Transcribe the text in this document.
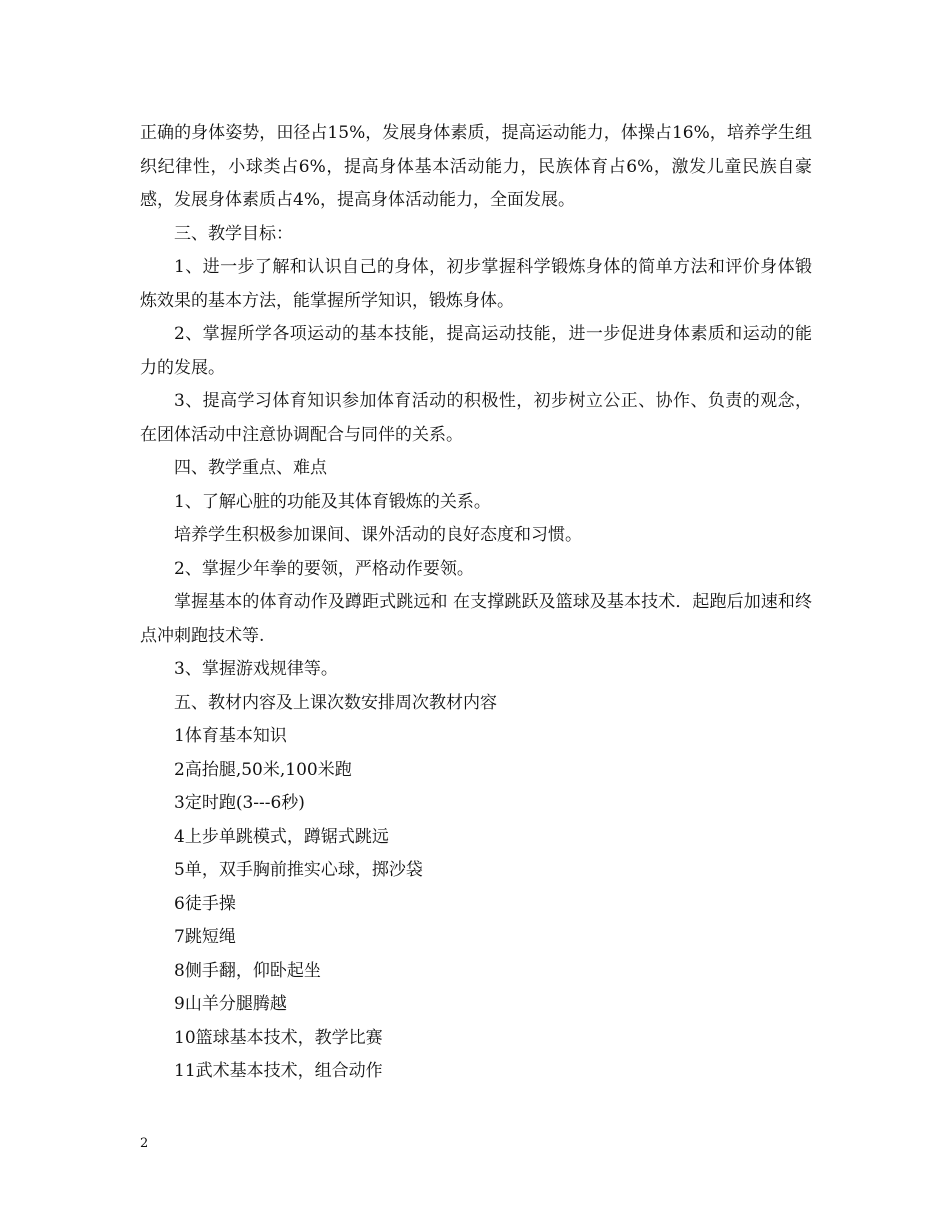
正确的身体姿势，田径占15%，发展身体素质，提高运动能力，体操占16%，培养学生组织纪律性，小球类占6%，提高身体基本活动能力，民族体育占6%，激发儿童民族自豪感，发展身体素质占4%，提高身体活动能力，全面发展。

三、教学目标：

1、进一步了解和认识自己的身体，初步掌握科学锻炼身体的简单方法和评价身体锻炼效果的基本方法，能掌握所学知识，锻炼身体。

2、掌握所学各项运动的基本技能，提高运动技能，进一步促进身体素质和运动的能力的发展。

3、提高学习体育知识参加体育活动的积极性，初步树立公正、协作、负责的观念，在团体活动中注意协调配合与同伴的关系。

四、教学重点、难点

1、了解心脏的功能及其体育锻炼的关系。

培养学生积极参加课间、课外活动的良好态度和习惯。

2、掌握少年拳的要领，严格动作要领。

掌握基本的体育动作及蹲距式跳远和 在支撑跳跃及篮球及基本技术．起跑后加速和终点冲刺跑技术等.

3、掌握游戏规律等。

五、教材内容及上课次数安排周次教材内容

1体育基本知识

2高抬腿,50米,100米跑

3定时跑(3---6秒)

4上步单跳模式，蹲锯式跳远

5单，双手胸前推实心球，掷沙袋

6徒手操

7跳短绳

8侧手翻，仰卧起坐

9山羊分腿腾越

10篮球基本技术，教学比赛

11武术基本技术，组合动作

2
